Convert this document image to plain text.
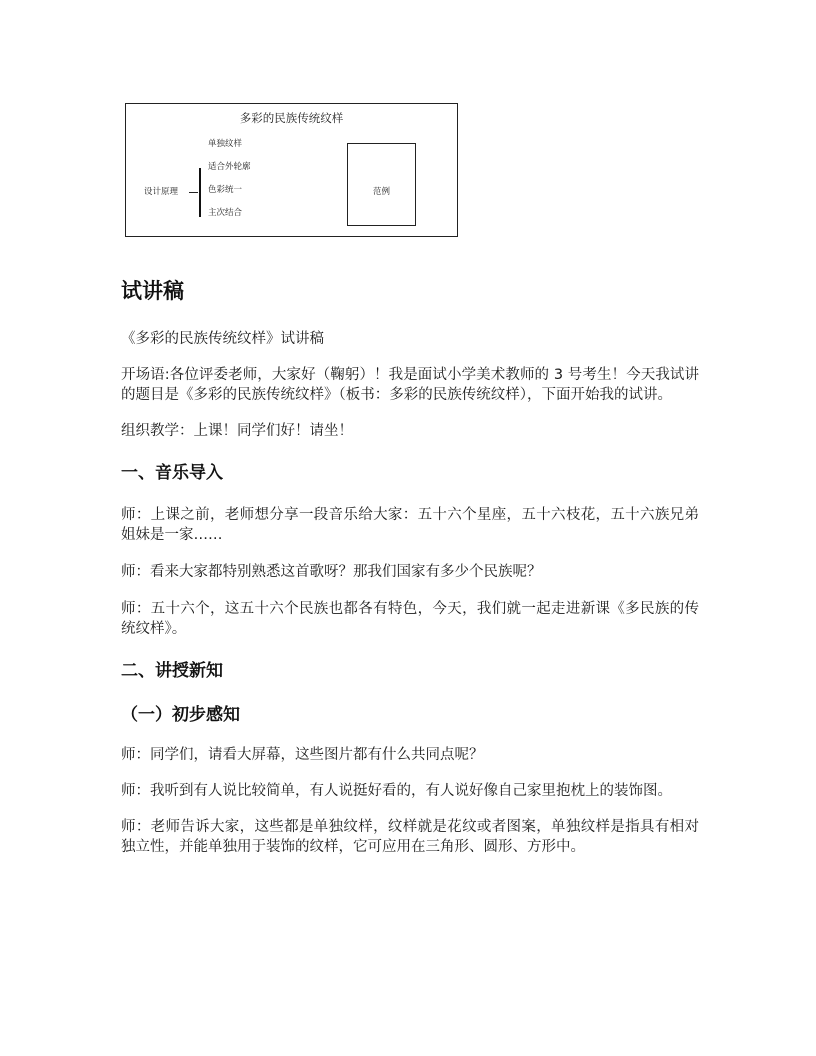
多彩的民族传统纹样
设计原理
单独纹样
适合外轮廓
色彩统一
主次结合
范例
试讲稿

《多彩的民族传统纹样》试讲稿

开场语:各位评委老师，大家好（鞠躬）！我是面试小学美术教师的 3 号考生！今天我试讲的题目是《多彩的民族传统纹样》（板书：多彩的民族传统纹样），下面开始我的试讲。

组织教学：上课！同学们好！请坐！

一、音乐导入

师：上课之前，老师想分享一段音乐给大家：五十六个星座，五十六枝花，五十六族兄弟姐妹是一家……

师：看来大家都特别熟悉这首歌呀？那我们国家有多少个民族呢？

师：五十六个，这五十六个民族也都各有特色，今天，我们就一起走进新课《多民族的传统纹样》。

二、讲授新知
（一）初步感知

师：同学们，请看大屏幕，这些图片都有什么共同点呢？

师：我听到有人说比较简单，有人说挺好看的，有人说好像自己家里抱枕上的装饰图。

师：老师告诉大家，这些都是单独纹样，纹样就是花纹或者图案，单独纹样是指具有相对独立性，并能单独用于装饰的纹样，它可应用在三角形、圆形、方形中。
